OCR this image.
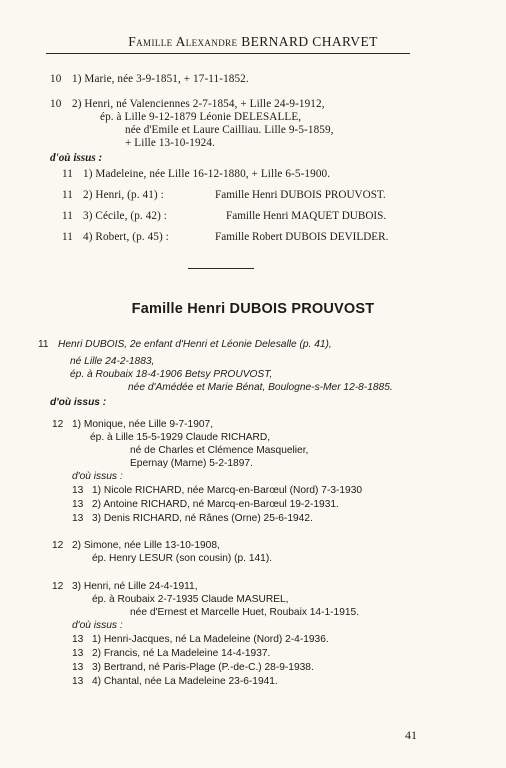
Famille Alexandre BERNARD CHARVET
10 1) Marie, née 3-9-1851, + 17-11-1852.
10 2) Henri, né Valenciennes 2-7-1854, + Lille 24-9-1912,
ép. à Lille 9-12-1879 Léonie DELESALLE,
née d'Emile et Laure Cailliau. Lille 9-5-1859,
+ Lille 13-10-1924.
d'où issus :
11 1) Madeleine, née Lille 16-12-1880, + Lille 6-5-1900.
11 2) Henri, (p. 41) :	Famille Henri DUBOIS PROUVOST.
11 3) Cécile, (p. 42) :	Famille Henri MAQUET DUBOIS.
11 4) Robert, (p. 45) :	Famille Robert DUBOIS DEVILDER.
Famille Henri DUBOIS PROUVOST
11 Henri DUBOIS, 2e enfant d'Henri et Léonie Delesalle (p. 41),
né Lille 24-2-1883,
ép. à Roubaix 18-4-1906 Betsy PROUVOST,
née d'Amédée et Marie Bénat, Boulogne-s-Mer 12-8-1885.
d'où issus :
12 1) Monique, née Lille 9-7-1907,
ép. à Lille 15-5-1929 Claude RICHARD,
né de Charles et Clémence Masquelier,
Epernay (Marne) 5-2-1897.
d'où issus :
13 1) Nicole RICHARD, née Marcq-en-Barœul (Nord) 7-3-1930
13 2) Antoine RICHARD, né Marcq-en-Barœul 19-2-1931.
13 3) Denis RICHARD, né Rânes (Orne) 25-6-1942.
12 2) Simone, née Lille 13-10-1908,
ép. Henry LESUR (son cousin) (p. 141).
12 3) Henri, né Lille 24-4-1911,
ép. à Roubaix 2-7-1935 Claude MASUREL,
née d'Ernest et Marcelle Huet, Roubaix 14-1-1915.
d'où issus :
13 1) Henri-Jacques, né La Madeleine (Nord) 2-4-1936.
13 2) Francis, né La Madeleine 14-4-1937.
13 3) Bertrand, né Paris-Plage (P.-de-C.) 28-9-1938.
13 4) Chantal, née La Madeleine 23-6-1941.
41
